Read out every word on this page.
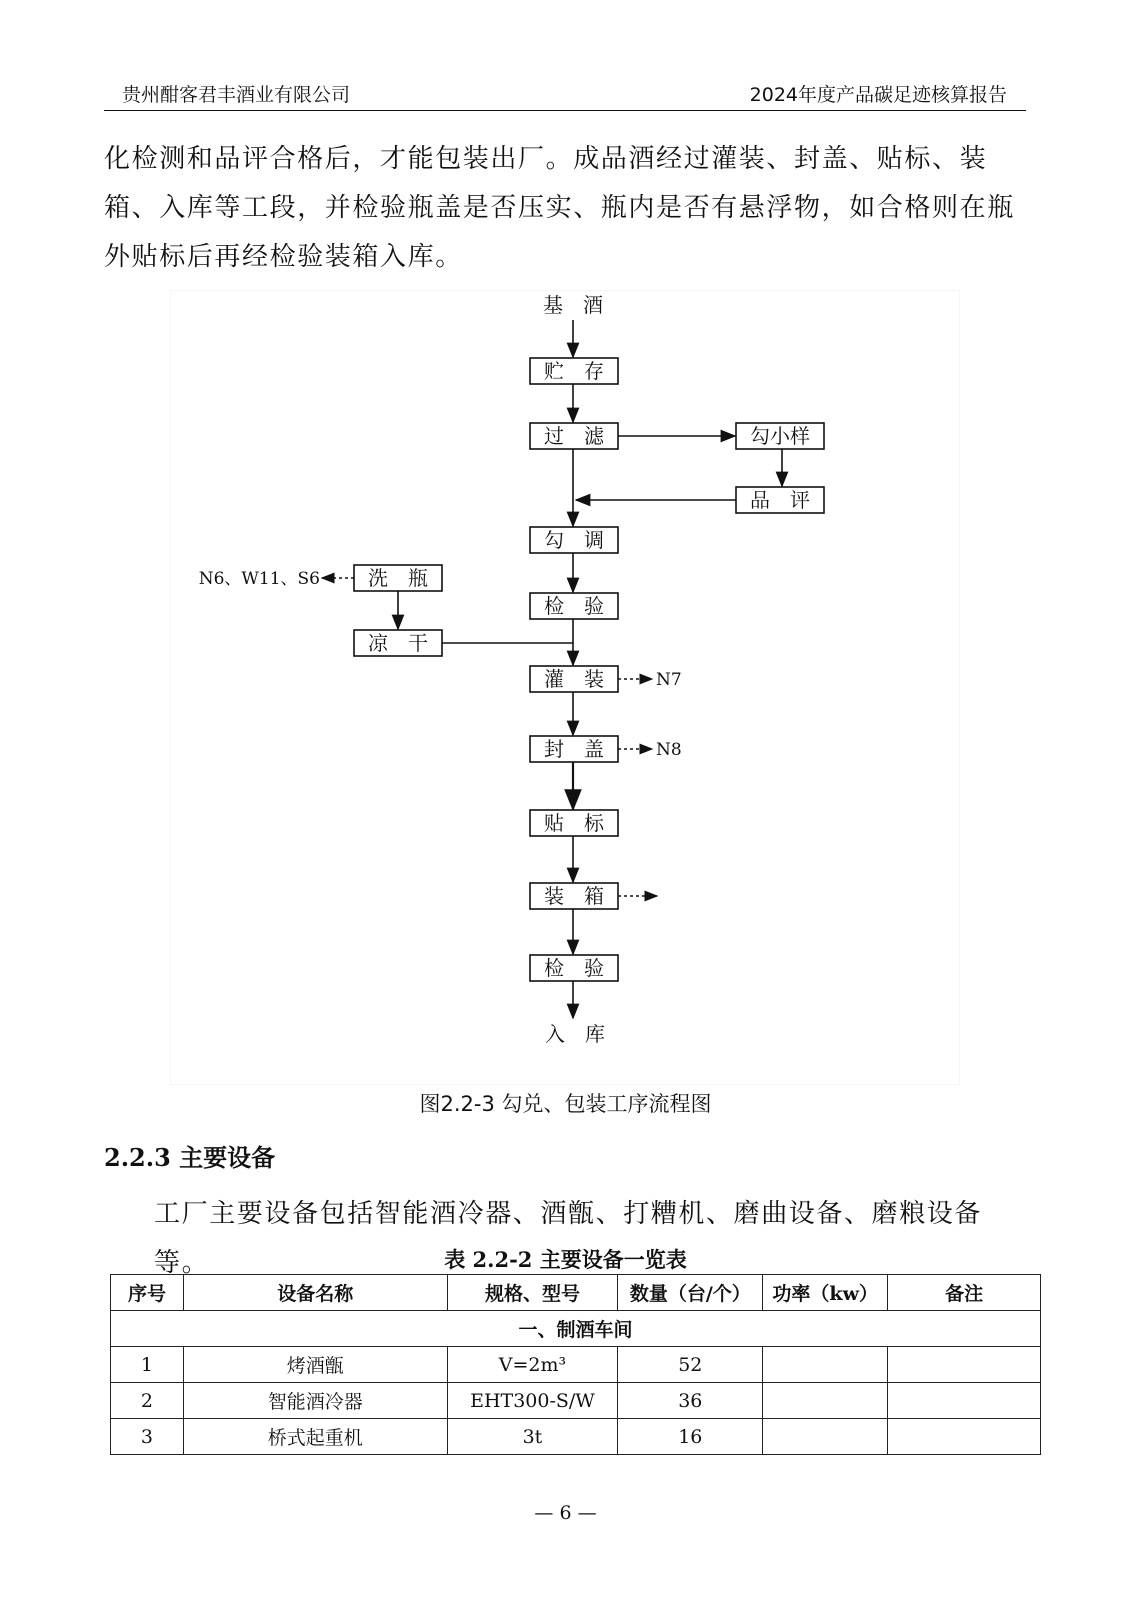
贵州酣客君丰酒业有限公司	2024年度产品碳足迹核算报告
化检测和品评合格后，才能包装出厂。成品酒经过灌装、封盖、贴标、装箱、入库等工段，并检验瓶盖是否压实、瓶内是否有悬浮物，如合格则在瓶外贴标后再经检验装箱入库。
基　酒
贮　存
过　滤	勾小样
品　评
勾　调
检　验
洗　瓶
N6、W11、S6
凉　干
灌　装	N7
封　盖	N8
贴　标
装　箱
检　验
入　库
图2.2-3 勾兑、包装工序流程图
2.2.3 主要设备
工厂主要设备包括智能酒冷器、酒甑、打糟机、磨曲设备、磨粮设备等。	表 2.2-2 主要设备一览表
序号	设备名称	规格、型号	数量（台/个）	功率（kw）	备注
一、制酒车间					
1	烤酒甑	V=2m³	52		
2	智能酒冷器	EHT300-S/W	36		
3	桥式起重机	3t	16		
— 6 —
